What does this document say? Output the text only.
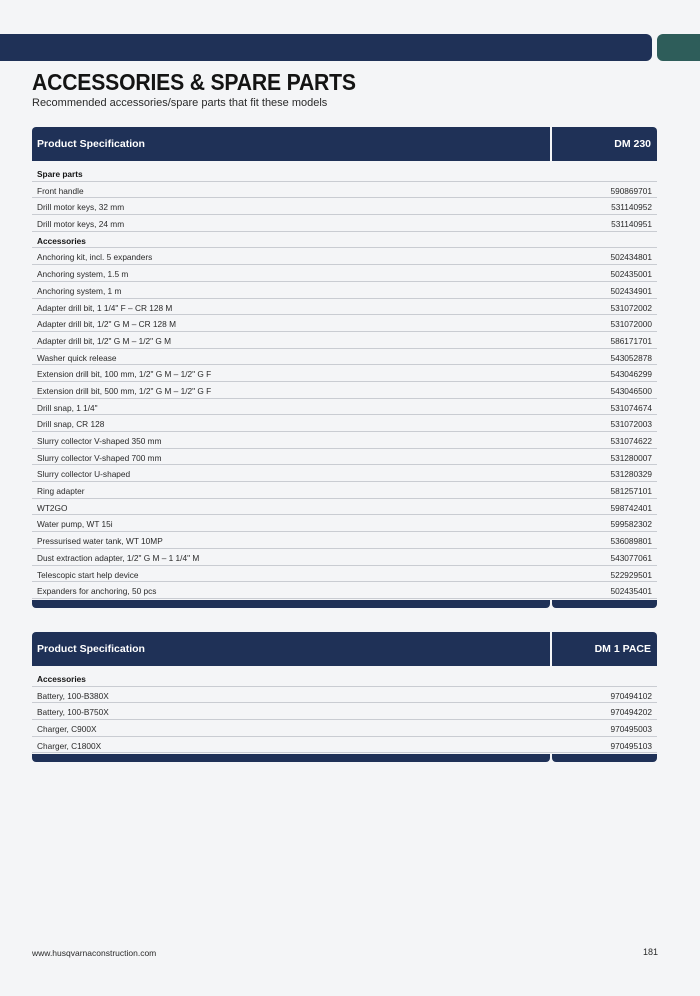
ACCESSORIES & SPARE PARTS
Recommended accessories/spare parts that fit these models
Product Specification	DM 230
Spare parts
Front handle	590869701
Drill motor keys, 32 mm	531140952
Drill motor keys, 24 mm	531140951
Accessories
Anchoring kit, incl. 5 expanders	502434801
Anchoring system, 1.5 m	502435001
Anchoring system, 1 m	502434901
Adapter drill bit, 1 1/4" F – CR 128 M	531072002
Adapter drill bit, 1/2" G M – CR 128 M	531072000
Adapter drill bit, 1/2" G M – 1/2" G M	586171701
Washer quick release	543052878
Extension drill bit, 100 mm, 1/2" G M – 1/2" G F	543046299
Extension drill bit, 500 mm, 1/2" G M – 1/2" G F	543046500
Drill snap, 1 1/4"	531074674
Drill snap, CR 128	531072003
Slurry collector V-shaped 350 mm	531074622
Slurry collector V-shaped 700 mm	531280007
Slurry collector U-shaped	531280329
Ring adapter	581257101
WT2GO	598742401
Water pump, WT 15i	599582302
Pressurised water tank, WT 10MP	536089801
Dust extraction adapter, 1/2" G M – 1 1/4" M	543077061
Telescopic start help device	522929501
Expanders for anchoring, 50 pcs	502435401
Product Specification	DM 1 PACE
Accessories
Battery, 100-B380X	970494102
Battery, 100-B750X	970494202
Charger, C900X	970495003
Charger, C1800X	970495103
www.husqvarnaconstruction.com	181
